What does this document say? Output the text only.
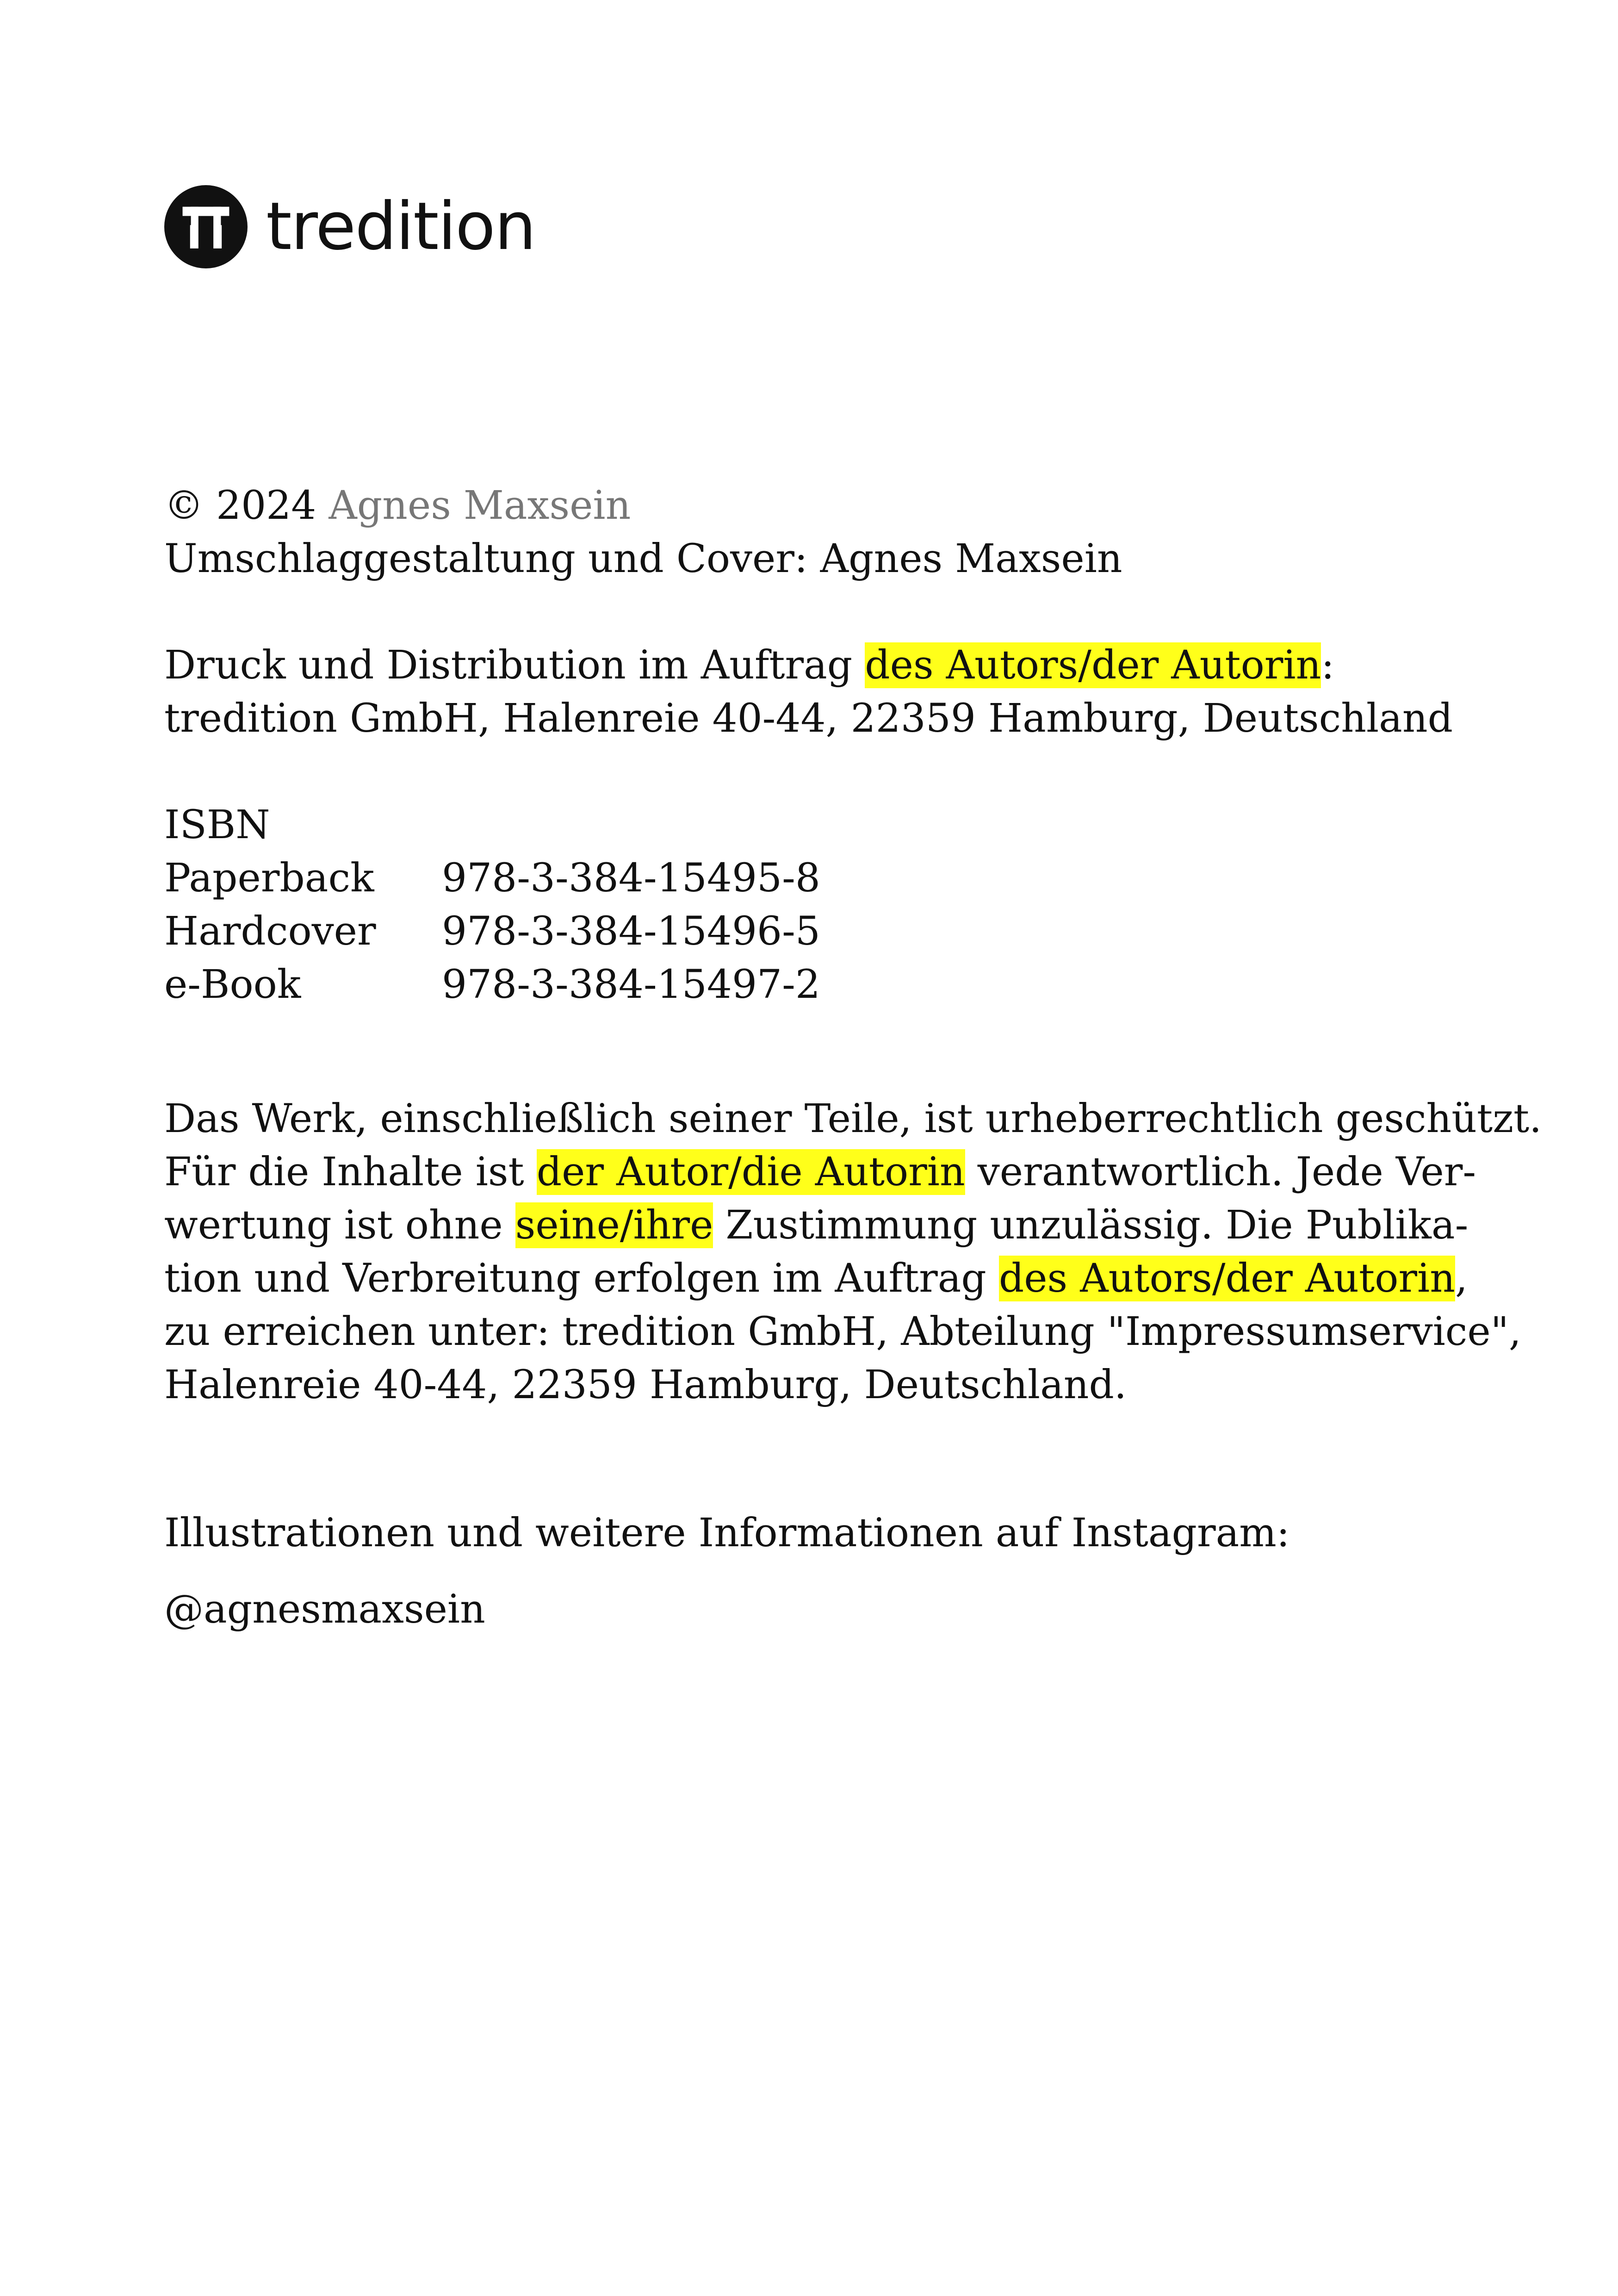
tredition
© 2024 Agnes Maxsein
Umschlaggestaltung und Cover: Agnes Maxsein
Druck und Distribution im Auftrag des Autors/der Autorin:
tredition GmbH, Halenreie 40-44, 22359 Hamburg, Deutschland
ISBN
Paperback	978-3-384-15495-8
Hardcover	978-3-384-15496-5
e-Book	978-3-384-15497-2
Das Werk, einschließlich seiner Teile, ist urheberrechtlich geschützt.
Für die Inhalte ist der Autor/die Autorin verantwortlich. Jede Ver-
wertung ist ohne seine/ihre Zustimmung unzulässig. Die Publika-
tion und Verbreitung erfolgen im Auftrag des Autors/der Autorin,
zu erreichen unter: tredition GmbH, Abteilung "Impressumservice",
Halenreie 40-44, 22359 Hamburg, Deutschland.
Illustrationen und weitere Informationen auf Instagram:
@agnesmaxsein
